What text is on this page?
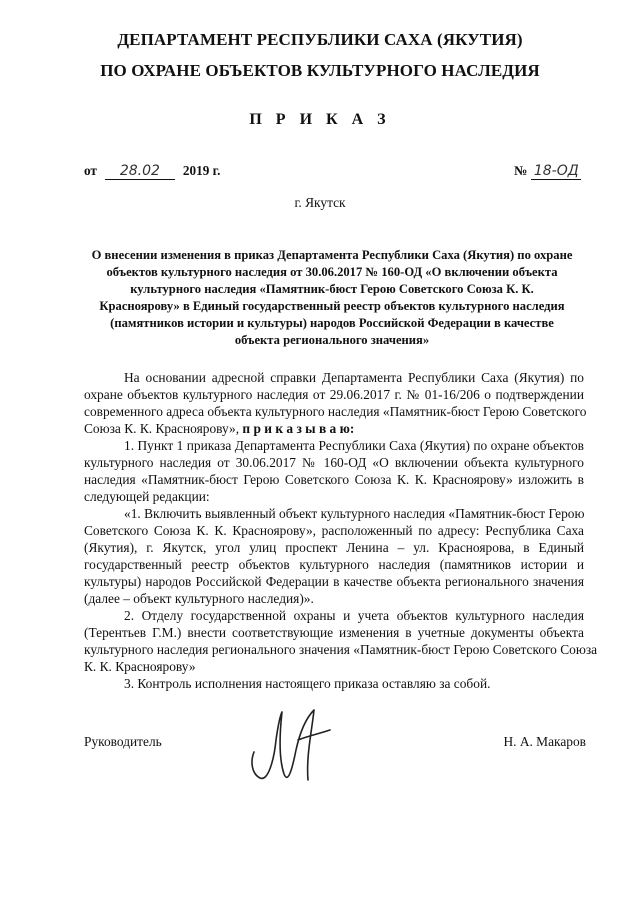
ДЕПАРТАМЕНТ РЕСПУБЛИКИ САХА (ЯКУТИЯ)
ПО ОХРАНЕ ОБЪЕКТОВ КУЛЬТУРНОГО НАСЛЕДИЯ
П Р И К А З
от 28.02 2019 г.	№ 18-ОД
г. Якутск
О внесении изменения в приказ Департамента Республики Саха (Якутия) по охране
объектов культурного наследия от 30.06.2017 № 160-ОД «О включении объекта
культурного наследия «Памятник-бюст Герою Советского Союза К. К.
Красноярову» в Единый государственный реестр объектов культурного наследия
(памятников истории и культуры) народов Российской Федерации в качестве
объекта регионального значения»
На основании адресной справки Департамента Республики Саха (Якутия) по
охране объектов культурного наследия от 29.06.2017 г. № 01-16/206 о подтверждении
современного адреса объекта культурного наследия «Памятник-бюст Герою Советского
Союза К. К. Красноярову», п р и к а з ы в а ю:
1. Пункт 1 приказа Департамента Республики Саха (Якутия) по охране объектов
культурного наследия от 30.06.2017 № 160-ОД «О включении объекта культурного
наследия «Памятник-бюст Герою Советского Союза К. К. Красноярову» изложить в
следующей редакции:
«1. Включить выявленный объект культурного наследия «Памятник-бюст Герою
Советского Союза К. К. Красноярову», расположенный по адресу: Республика Саха
(Якутия), г. Якутск, угол улиц проспект Ленина – ул. Красноярова, в Единый
государственный реестр объектов культурного наследия (памятников истории и
культуры) народов Российской Федерации в качестве объекта регионального значения
(далее – объект культурного наследия)».
2. Отделу государственной охраны и учета объектов культурного наследия
(Терентьев Г.М.) внести соответствующие изменения в учетные документы объекта
культурного наследия регионального значения «Памятник-бюст Герою Советского Союза
К. К. Красноярову»
3. Контроль исполнения настоящего приказа оставляю за собой.
Руководитель	Н. А. Макаров
